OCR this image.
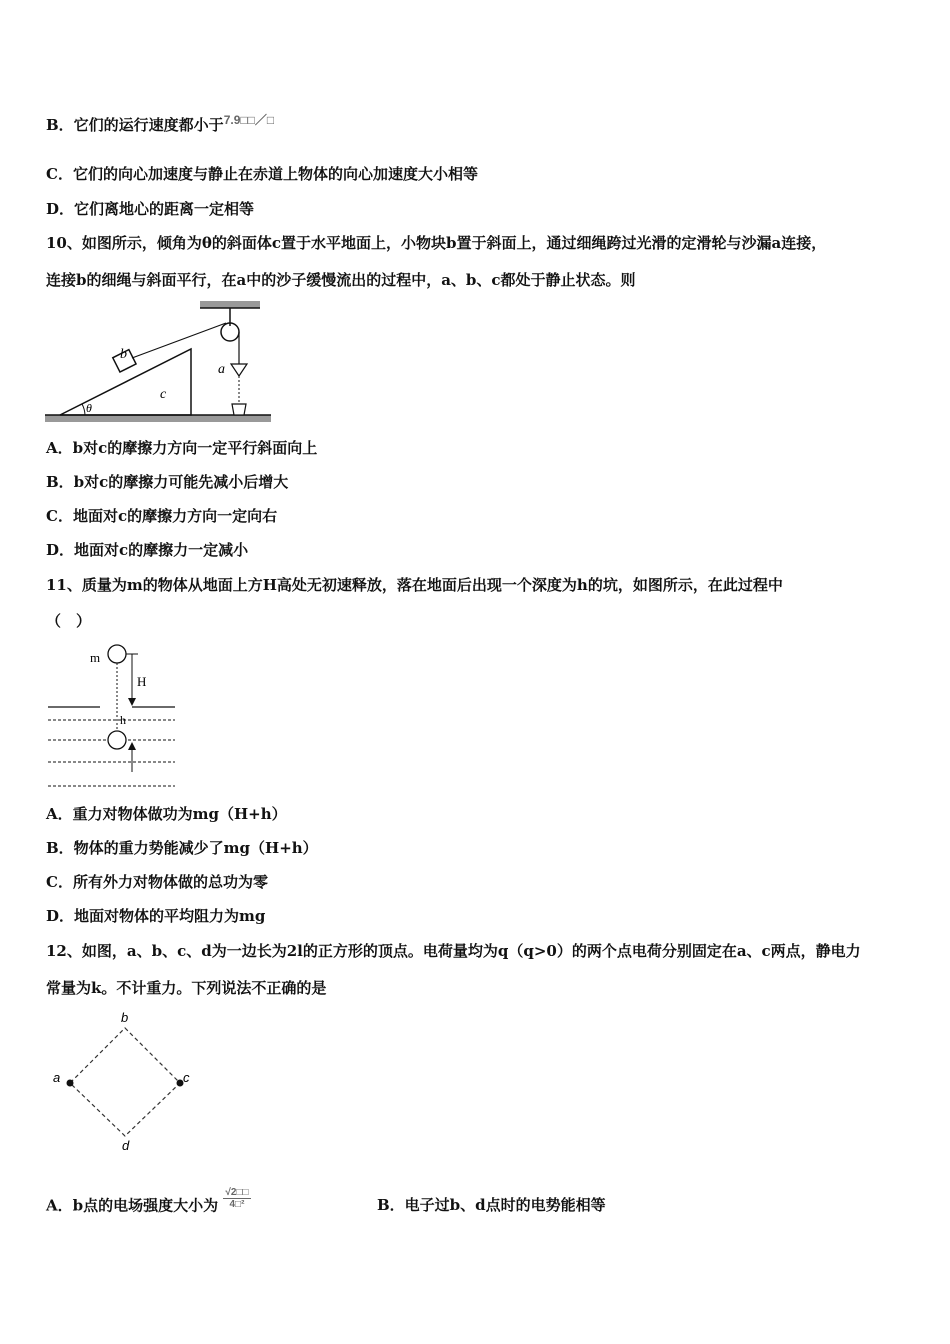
B．它们的运行速度都小于$^{7.9□□/□}$
C．它们的向心加速度与静止在赤道上物体的向心加速度大小相等
D．它们离地心的距离一定相等
10、如图所示，倾角为θ的斜面体c置于水平地面上，小物块b置于斜面上，通过细绳跨过光滑的定滑轮与沙漏a连接，
连接b的细绳与斜面平行，在a中的沙子缓慢流出的过程中，a、b、c都处于静止状态。则
b
c
a
θ
A．b对c的摩擦力方向一定平行斜面向上
B．b对c的摩擦力可能先减小后增大
C．地面对c的摩擦力方向一定向右
D．地面对c的摩擦力一定减小
11、质量为m的物体从地面上方H高处无初速释放，落在地面后出现一个深度为h的坑，如图所示，在此过程中
（　）
m
H
h
A．重力对物体做功为mg（H+h）
B．物体的重力势能减少了mg（H+h）
C．所有外力对物体做的总功为零
D．地面对物体的平均阻力为mg
12、如图，a、b、c、d为一边长为2l的正方形的顶点。电荷量均为q（q>0）的两个点电荷分别固定在a、c两点，静电力
常量为k。不计重力。下列说法不正确的是
b
a	c
d
A．b点的电场强度大小为 $\frac{√2□□}{\text{4□²}}$	B．电子过b、d点时的电势能相等
